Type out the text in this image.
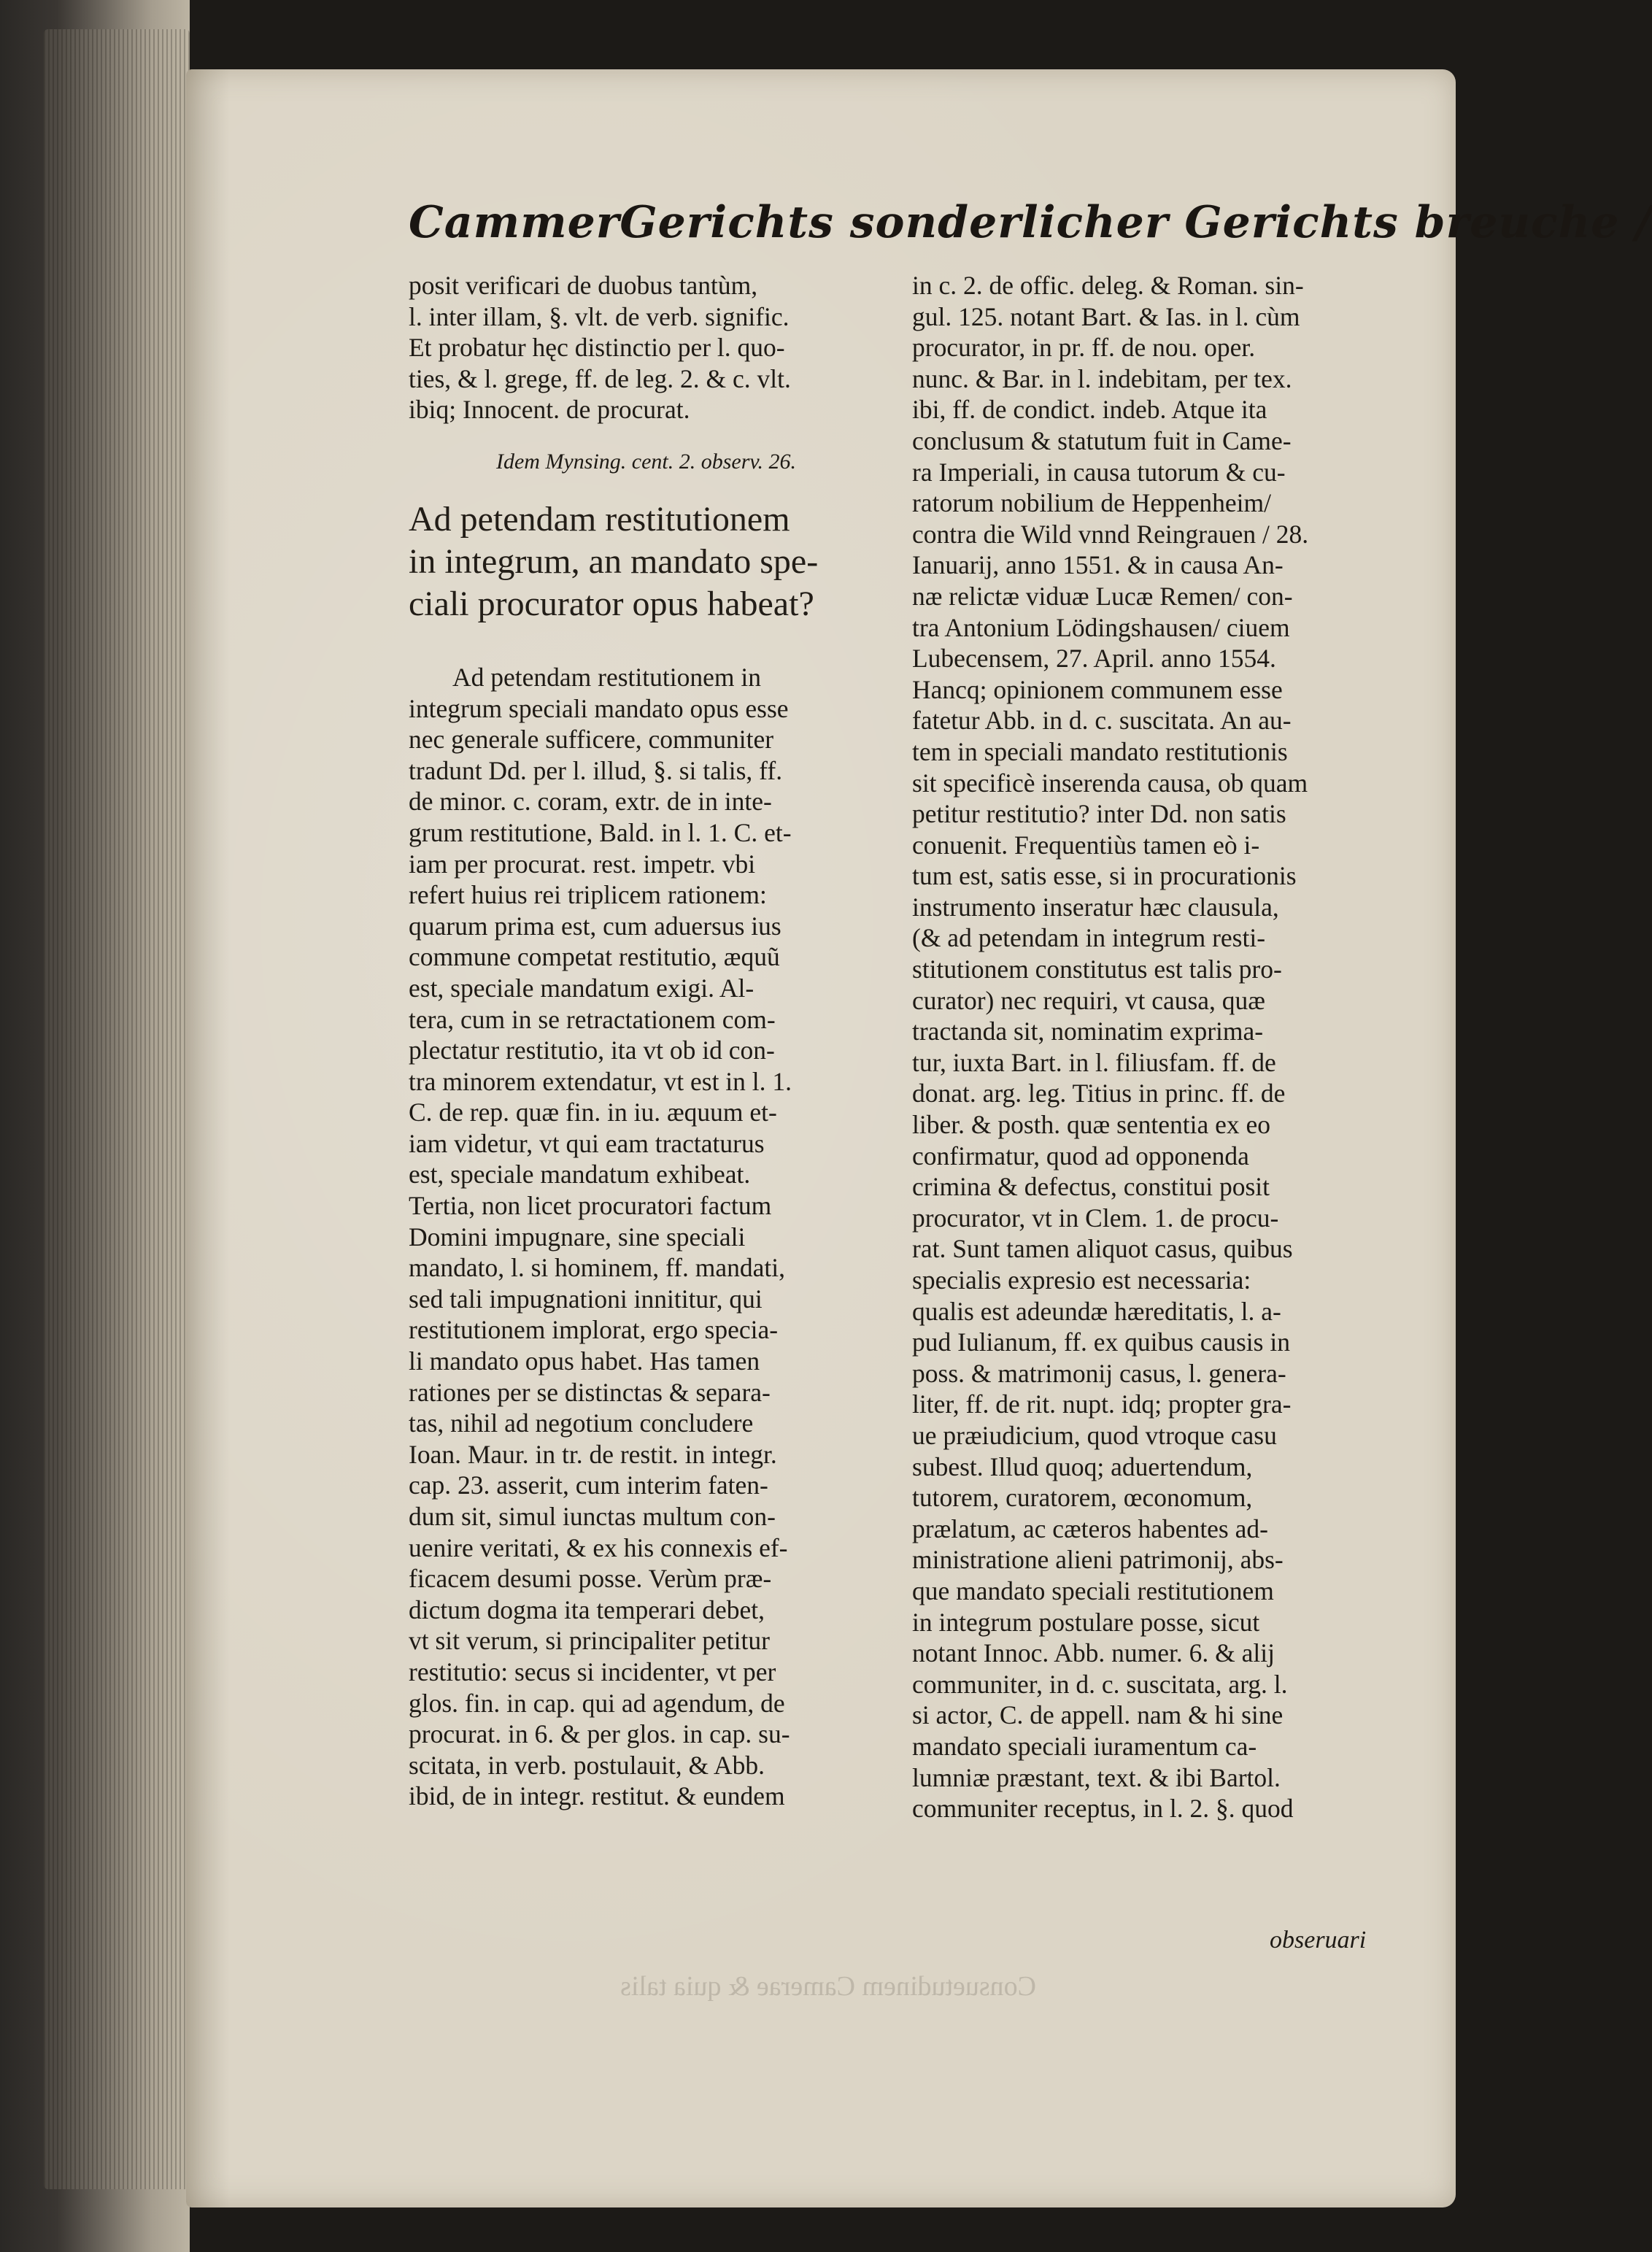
Consuetudinem Camerae & quia talis
CammerGerichts sonderlicher Gerichts breuche /
posit verificari de duobus tantùm,
l. inter illam, §. vlt. de verb. signific.
Et probatur hęc distinctio per l. quo-
ties, & l. grege, ff. de leg. 2. & c. vlt.
ibiq; Innocent. de procurat.
Idem Mynsing. cent. 2. observ. 26.
Ad petendam restitutionem
in integrum, an mandato spe-
ciali procurator opus habeat?
Ad petendam restitutionem in
integrum speciali mandato opus esse
nec generale sufficere, communiter
tradunt Dd. per l. illud, §. si talis, ff.
de minor. c. coram, extr. de in inte-
grum restitutione, Bald. in l. 1. C. et-
iam per procurat. rest. impetr. vbi
refert huius rei triplicem rationem:
quarum prima est, cum aduersus ius
commune competat restitutio, æquũ
est, speciale mandatum exigi. Al-
tera, cum in se retractationem com-
plectatur restitutio, ita vt ob id con-
tra minorem extendatur, vt est in l. 1.
C. de rep. quæ fin. in iu. æquum et-
iam videtur, vt qui eam tractaturus
est, speciale mandatum exhibeat.
Tertia, non licet procuratori factum
Domini impugnare, sine speciali
mandato, l. si hominem, ff. mandati,
sed tali impugnationi innititur, qui
restitutionem implorat, ergo specia-
li mandato opus habet. Has tamen
rationes per se distinctas & separa-
tas, nihil ad negotium concludere
Ioan. Maur. in tr. de restit. in integr.
cap. 23. asserit, cum interim faten-
dum sit, simul iunctas multum con-
uenire veritati, & ex his connexis ef-
ficacem desumi posse. Verùm præ-
dictum dogma ita temperari debet,
vt sit verum, si principaliter petitur
restitutio: secus si incidenter, vt per
glos. fin. in cap. qui ad agendum, de
procurat. in 6. & per glos. in cap. su-
scitata, in verb. postulauit, & Abb.
ibid, de in integr. restitut. & eundem
in c. 2. de offic. deleg. & Roman. sin-
gul. 125. notant Bart. & Ias. in l. cùm
procurator, in pr. ff. de nou. oper.
nunc. & Bar. in l. indebitam, per tex.
ibi, ff. de condict. indeb. Atque ita
conclusum & statutum fuit in Came-
ra Imperiali, in causa tutorum & cu-
ratorum nobilium de Heppenheim/
contra die Wild vnnd Reingrauen / 28.
Ianuarij, anno 1551. & in causa An-
næ relictæ viduæ Lucæ Remen/ con-
tra Antonium Lödingshausen/ ciuem
Lubecensem, 27. April. anno 1554.
Hancq; opinionem communem esse
fatetur Abb. in d. c. suscitata. An au-
tem in speciali mandato restitutionis
sit specificè inserenda causa, ob quam
petitur restitutio? inter Dd. non satis
conuenit. Frequentiùs tamen eò i-
tum est, satis esse, si in procurationis
instrumento inseratur hæc clausula,
(& ad petendam in integrum resti-
stitutionem constitutus est talis pro-
curator) nec requiri, vt causa, quæ
tractanda sit, nominatim exprima-
tur, iuxta Bart. in l. filiusfam. ff. de
donat. arg. leg. Titius in princ. ff. de
liber. & posth. quæ sententia ex eo
confirmatur, quod ad opponenda
crimina & defectus, constitui posit
procurator, vt in Clem. 1. de procu-
rat. Sunt tamen aliquot casus, quibus
specialis expresio est necessaria:
qualis est adeundæ hæreditatis, l. a-
pud Iulianum, ff. ex quibus causis in
poss. & matrimonij casus, l. genera-
liter, ff. de rit. nupt. idq; propter gra-
ue præiudicium, quod vtroque casu
subest. Illud quoq; aduertendum,
tutorem, curatorem, œconomum,
prælatum, ac cæteros habentes ad-
ministratione alieni patrimonij, abs-
que mandato speciali restitutionem
in integrum postulare posse, sicut
notant Innoc. Abb. numer. 6. & alij
communiter, in d. c. suscitata, arg. l.
si actor, C. de appell. nam & hi sine
mandato speciali iuramentum ca-
lumniæ præstant, text. & ibi Bartol.
communiter receptus, in l. 2. §. quod
obseruari
